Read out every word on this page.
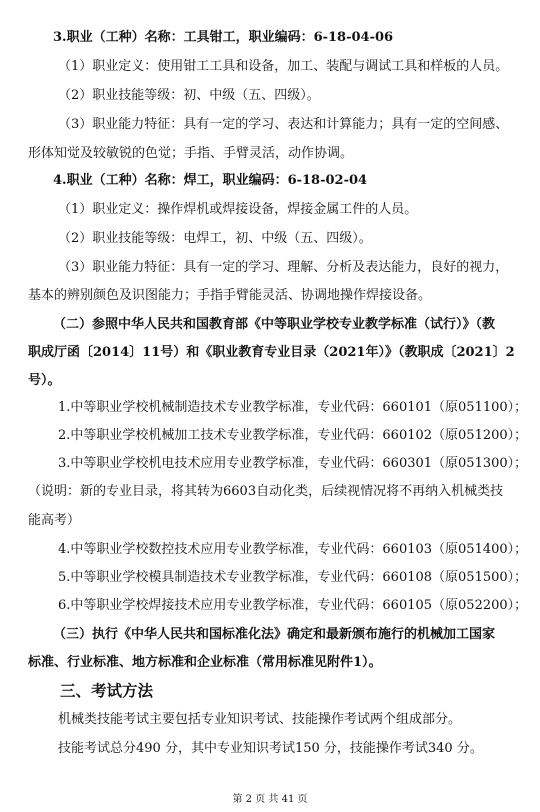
3.职业（工种）名称：工具钳工，职业编码：6-18-04-06
（1）职业定义：使用钳工工具和设备，加工、装配与调试工具和样板的人员。
（2）职业技能等级：初、中级（五、四级）。
（3）职业能力特征：具有一定的学习、表达和计算能力；具有一定的空间感、
形体知觉及较敏锐的色觉；手指、手臂灵活，动作协调。
4.职业（工种）名称：焊工，职业编码：6-18-02-04
（1）职业定义：操作焊机或焊接设备，焊接金属工件的人员。
（2）职业技能等级：电焊工，初、中级（五、四级）。
（3）职业能力特征：具有一定的学习、理解、分析及表达能力，良好的视力，
基本的辨别颜色及识图能力；手指手臂能灵活、协调地操作焊接设备。
（二）参照中华人民共和国教育部《中等职业学校专业教学标准（试行）》（教
职成厅函〔2014〕11号）和《职业教育专业目录（2021年）》（教职成〔2021〕2
号）。
1.中等职业学校机械制造技术专业教学标准，专业代码：660101（原051100）；
2.中等职业学校机械加工技术专业教学标准，专业代码：660102（原051200）；
3.中等职业学校机电技术应用专业教学标准，专业代码：660301（原051300）；
（说明：新的专业目录，将其转为6603自动化类，后续视情况将不再纳入机械类技
能高考）
4.中等职业学校数控技术应用专业教学标准，专业代码：660103（原051400）；
5.中等职业学校模具制造技术专业教学标准，专业代码：660108（原051500）；
6.中等职业学校焊接技术应用专业教学标准，专业代码：660105（原052200）；
（三）执行《中华人民共和国标准化法》确定和最新颁布施行的机械加工国家
标准、行业标准、地方标准和企业标准（常用标准见附件1）。
三、考试方法
机械类技能考试主要包括专业知识考试、技能操作考试两个组成部分。
技能考试总分490 分，其中专业知识考试150 分，技能操作考试340 分。
第 2 页 共 41 页
